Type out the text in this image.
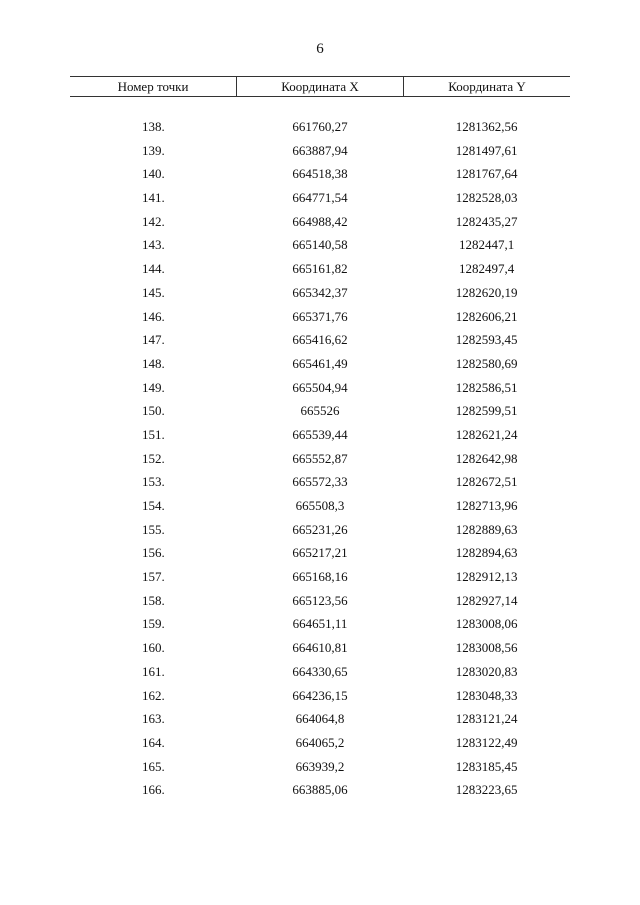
6
Номер точки	Координата X	Координата Y
138.	661760,27	1281362,56
139.	663887,94	1281497,61
140.	664518,38	1281767,64
141.	664771,54	1282528,03
142.	664988,42	1282435,27
143.	665140,58	1282447,1
144.	665161,82	1282497,4
145.	665342,37	1282620,19
146.	665371,76	1282606,21
147.	665416,62	1282593,45
148.	665461,49	1282580,69
149.	665504,94	1282586,51
150.	665526	1282599,51
151.	665539,44	1282621,24
152.	665552,87	1282642,98
153.	665572,33	1282672,51
154.	665508,3	1282713,96
155.	665231,26	1282889,63
156.	665217,21	1282894,63
157.	665168,16	1282912,13
158.	665123,56	1282927,14
159.	664651,11	1283008,06
160.	664610,81	1283008,56
161.	664330,65	1283020,83
162.	664236,15	1283048,33
163.	664064,8	1283121,24
164.	664065,2	1283122,49
165.	663939,2	1283185,45
166.	663885,06	1283223,65
